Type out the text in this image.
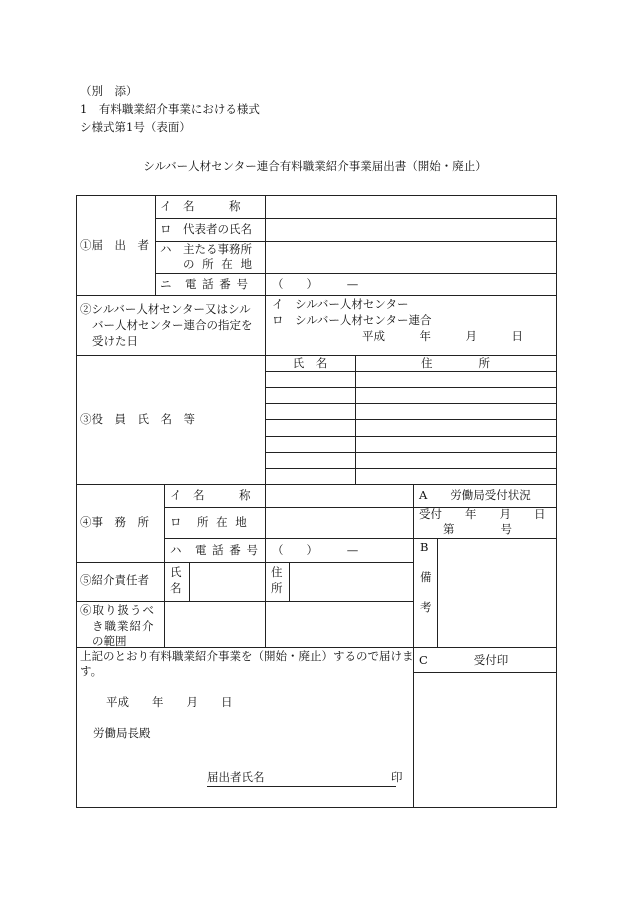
（別　添）
1　有料職業紹介事業における様式
シ様式第1号（表面）
シルバー人材センター連合有料職業紹介事業届出書（開始・廃止）
①届　出　者
イ　名　　　称
ロ　代表者の氏名
ハ　主たる事務所
の 所 在 地
ニ　電 話 番 号 （　　）　　　—
②シルバー人材センター又はシル
バー人材センター連合の指定を
受けた日
イ　シルバー人材センター
ロ　シルバー人材センター連合
平成　　　年　　　月　　　日
③役　員　氏　名　等
氏　名	住　　　　所
④事　務　所
イ　名　　　称
ロ　所 在 地
ハ　電 話 番 号 （　　）　　　—
⑤紹介責任者
氏
名
住
所
⑥取り扱うべ
き職業紹介
の範囲
A　　労働局受付状況
受付　　年　　月　　日
第　　　　号
B
備
考
C　　　　受付印
上記のとおり有料職業紹介事業を（開始・廃止）するので届けま
す。
平成　　年　　月　　日
労働局長殿
届出者氏名　　　　　　　　　　　印
